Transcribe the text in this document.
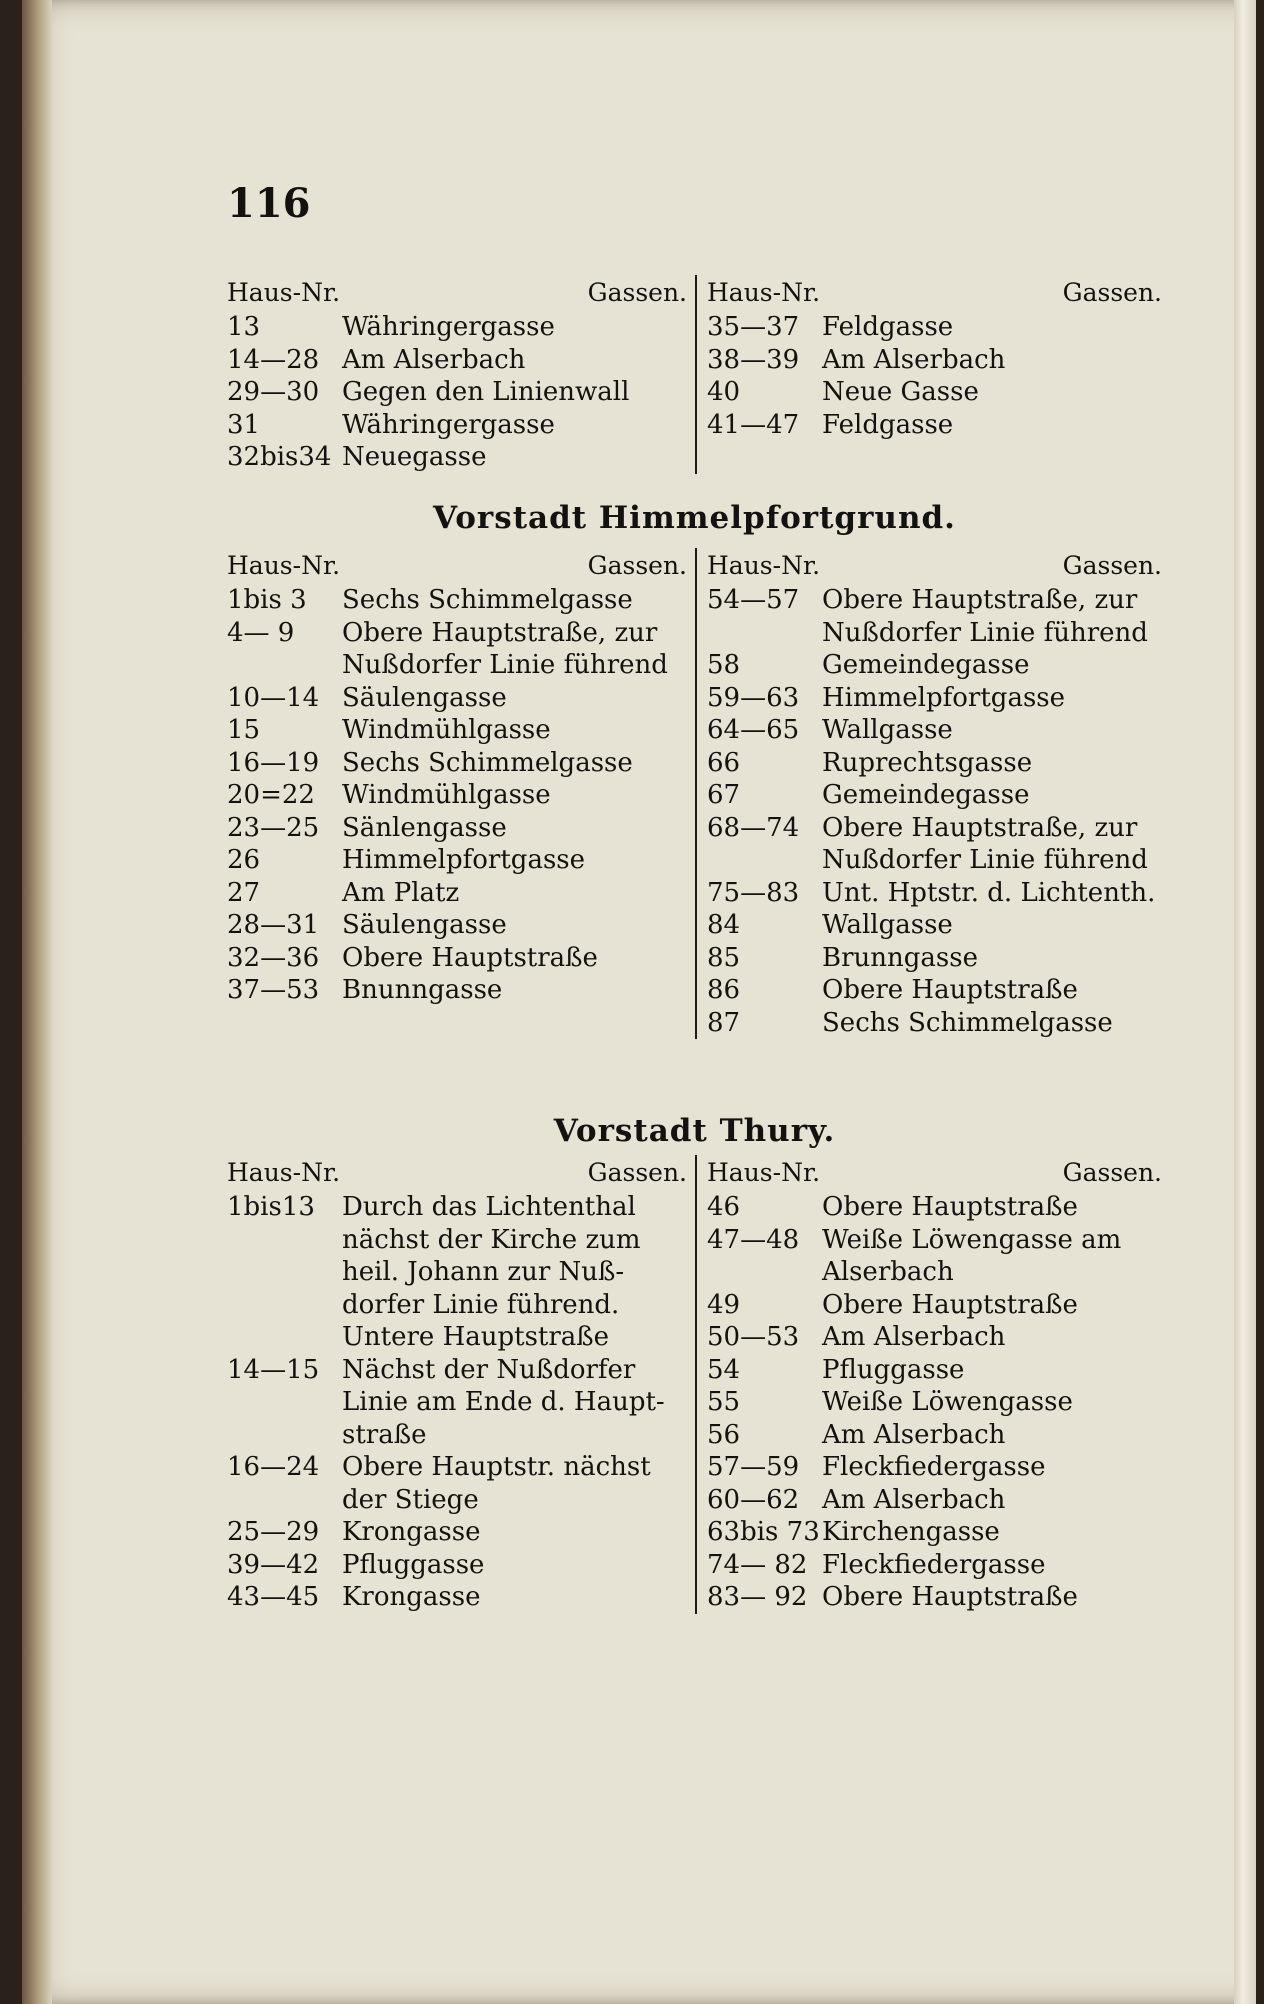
116
Haus-Nr.	Gassen.
13	Währingergasse
14—28 Am Alserbach
29—30 Gegen den Linienwall
31	Währingergasse
32bis34 Neuegasse
Haus-Nr.	Gassen.
35—37 Feldgasse
38—39 Am Alserbach
40	Neue Gasse
41—47 Feldgasse
Vorstadt Himmelpfortgrund.
Haus-Nr.	Gassen.
1bis 3	Sechs Schimmelgasse
4— 9	Obere Hauptstraße, zur
Nußdorfer Linie führend
10—14 Säulengasse
15	Windmühlgasse
16—19 Sechs Schimmelgasse
20=22	Windmühlgasse
23—25 Sänlengasse
26	Himmelpfortgasse
27	Am Platz
28—31 Säulengasse
32—36 Obere Hauptstraße
37—53 Bnunngasse
Haus-Nr.	Gassen.
54—57 Obere Hauptstraße, zur
Nußdorfer Linie führend
58	Gemeindegasse
59—63 Himmelpfortgasse
64—65 Wallgasse
66	Ruprechtsgasse
67	Gemeindegasse
68—74 Obere Hauptstraße, zur
Nußdorfer Linie führend
75—83 Unt. Hptstr. d. Lichtenth.
84	Wallgasse
85	Brunngasse
86	Obere Hauptstraße
87	Sechs Schimmelgasse
Vorstadt Thury.
Haus-Nr.	Gassen.
1bis13	Durch das Lichtenthal
nächst der Kirche zum
heil. Johann zur Nuß-
dorfer Linie führend.
Untere Hauptstraße
14—15 Nächst der Nußdorfer
Linie am Ende d. Haupt-
straße
16—24 Obere Hauptstr. nächst
der Stiege
25—29 Krongasse
39—42 Pfluggasse
43—45 Krongasse
Haus-Nr.	Gassen.
46	Obere Hauptstraße
47—48 Weiße Löwengasse am
Alserbach
49	Obere Hauptstraße
50—53 Am Alserbach
54	Pfluggasse
55	Weiße Löwengasse
56	Am Alserbach
57—59 Fleckfiedergasse
60—62 Am Alserbach
63bis 73 Kirchengasse
74— 82 Fleckfiedergasse
83— 92 Obere Hauptstraße
